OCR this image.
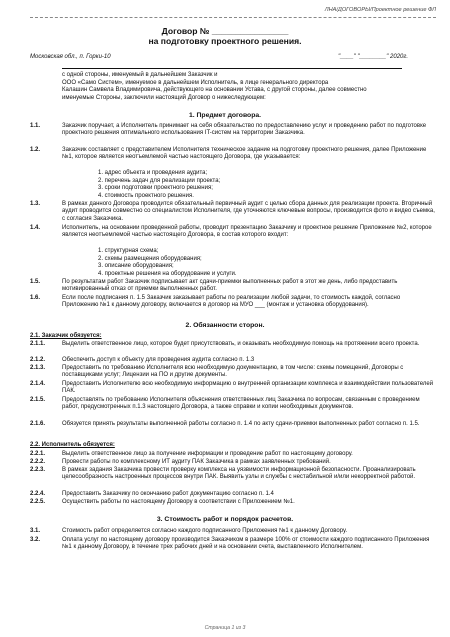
ЛНА/ДОГОВОРЫ/Проектное решение ФЛ
Договор № ________________
на подготовку проектного решения.
Московская обл., п. Горки-10	"____" "________" 2020г.
с одной стороны, именуемый в дальнейшем Заказчик и
ООО «Само Систем», именуемое в дальнейшем Исполнитель, в лице генерального директора
Калашин Самвела Владимировича, действующего на основании Устава, с другой стороны, далее совместно
именуемые Стороны, заключили настоящий Договор о нижеследующем:
1. Предмет договора.
1.1.	Заказчик поручает, а Исполнитель принимает на себя обязательство по предоставлению услуг и проведению работ по подготовке проектного решения оптимального использования IT-систем на территории Заказчика.
1.2.	Заказчик составляет с представителем Исполнителя техническое задание на подготовку проектного решения, далее Приложение №1, которое является неотъемлемой частью настоящего Договора, где указывается:
1. адрес объекта и проведения аудита;
2. перечень задач для реализации проекта;
3. сроки подготовки проектного решения;
4. стоимость проектного решения.
1.3.	В рамках данного Договора проводится обязательный первичный аудит с целью сбора данных для реализации проекта. Вторичный аудит проводится совместно со специалистом Исполнителя, где уточняются ключевые вопросы, производится фото и видео съемка, с согласия Заказчика.
1.4.	Исполнитель, на основании проведенной работы, проводит презентацию Заказчику и проектное решение Приложение №2, которое является неотъемлемой частью настоящего Договора, в состав которого входит:
1. структурная схема;
2. схемы размещения оборудования;
3. описание оборудования;
4. проектные решения на оборудование и услуги.
1.5.	По результатам работ Заказчик подписывает акт сдачи-приемки выполненных работ в этот же день, либо предоставить мотивированный отказ от приемки выполненных работ.
1.6.	Если после подписания п. 1.5 Заказчик заказывает работы по реализации любой задачи, то стоимость каждой, согласно Приложению №1 к данному договору, включается в договор на МУО ___ (монтаж и установка оборудования).
2. Обязанности сторон.
2.1. Заказчик обязуется:
2.1.1.	Выделить ответственное лицо, которое будет присутствовать, и оказывать необходимую помощь на протяжении всего проекта.
2.1.2.	Обеспечить доступ к объекту для проведения аудита согласно п. 1.3
2.1.3.	Предоставить по требованию Исполнителя всю необходимую документацию, в том числе: схемы помещений, Договоры с поставщиками услуг; Лицензии на ПО и другие документы.
2.1.4.	Предоставить Исполнителю всю необходимую информацию о внутренней организации комплекса и взаимодействии пользователей ПАК.
2.1.5.	Предоставлять по требованию Исполнителя объяснения ответственных лиц Заказчика по вопросам, связанным с проведением работ, предусмотренных п.1.3 настоящего Договора, а также справки и копии необходимых документов.
2.1.6.	Обязуется принять результаты выполненной работы согласно п. 1.4 по акту сдачи-приемки выполненных работ согласно п. 1.5.
2.2. Исполнитель обязуется:
2.2.1.	Выделить ответственное лицо за получение информации и проведение работ по настоящему договору.
2.2.2.	Провести работы по комплексному ИТ аудиту ПАК Заказчика в рамках заявленных требований.
2.2.3.	В рамках задания Заказчика провести проверку комплекса на уязвимости информационной безопасности. Проанализировать целесообразность настроенных процессов внутри ПАК. Выявить узлы и службы с нестабильной и/или некорректной работой.
2.2.4.	Предоставить Заказчику по окончанию работ документацию согласно п. 1.4
2.2.5.	Осуществить работы по настоящему Договору в соответствии с Приложением №1.
3. Стоимость работ и порядок расчетов.
3.1.	Стоимость работ определяется согласно каждого подписанного Приложения №1 к данному Договору.
3.2.	Оплата услуг по настоящему договору производится Заказчиком в размере 100% от стоимости каждого подписанного Приложения №1 к данному Договору, в течение трех рабочих дней и на основании счета, выставленного Исполнителем.
Страница 1 из 3
